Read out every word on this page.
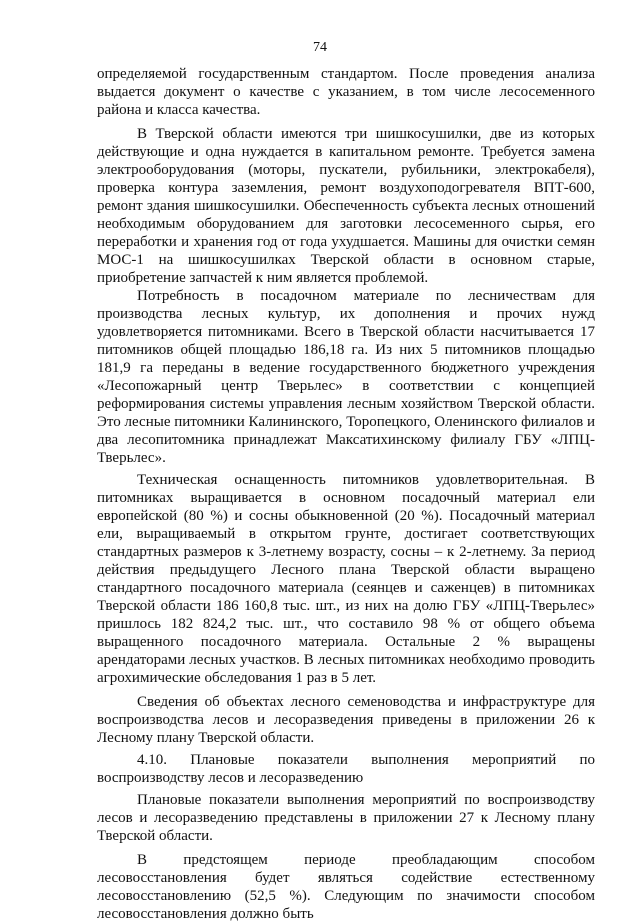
74

определяемой государственным стандартом. После проведения анализа выдается документ о качестве с указанием, в том числе лесосеменного района и класса качества.

В Тверской области имеются три шишкосушилки, две из которых действующие и одна нуждается в капитальном ремонте. Требуется замена электрооборудования (моторы, пускатели, рубильники, электрокабеля), проверка контура заземления, ремонт воздухоподогревателя ВПТ-600, ремонт здания шишкосушилки. Обеспеченность субъекта лесных отношений необходимым оборудованием для заготовки лесосеменного сырья, его переработки и хранения год от года ухудшается. Машины для очистки семян МОС-1 на шишкосушилках Тверской области в основном старые, приобретение запчастей к ним является проблемой.

Потребность в посадочном материале по лесничествам для производства лесных культур, их дополнения и прочих нужд удовлетворяется питомниками. Всего в Тверской области насчитывается 17 питомников общей площадью 186,18 га. Из них 5 питомников площадью 181,9 га переданы в ведение государственного бюджетного учреждения «Лесопожарный центр Тверьлес» в соответствии с концепцией реформирования системы управления лесным хозяйством Тверской области. Это лесные питомники Калининского, Торопецкого, Оленинского филиалов и два лесопитомника принадлежат Максатихинскому филиалу ГБУ «ЛПЦ-Тверьлес».

Техническая оснащенность питомников удовлетворительная. В питомниках выращивается в основном посадочный материал ели европейской (80 %) и сосны обыкновенной (20 %). Посадочный материал ели, выращиваемый в открытом грунте, достигает соответствующих стандартных размеров к 3-летнему возрасту, сосны – к 2-летнему. За период действия предыдущего Лесного плана Тверской области выращено стандартного посадочного материала (сеянцев и саженцев) в питомниках Тверской области 186 160,8 тыс. шт., из них на долю ГБУ «ЛПЦ-Тверьлес» пришлось 182 824,2 тыс. шт., что составило 98 % от общего объема выращенного посадочного материала. Остальные 2 % выращены арендаторами лесных участков. В лесных питомниках необходимо проводить агрохимические обследования 1 раз в 5 лет.

Сведения об объектах лесного семеноводства и инфраструктуре для воспроизводства лесов и лесоразведения приведены в приложении 26 к Лесному плану Тверской области.

4.10. Плановые показатели выполнения мероприятий по воспроизводству лесов и лесоразведению

Плановые показатели выполнения мероприятий по воспроизводству лесов и лесоразведению представлены в приложении 27 к Лесному плану Тверской области.

В предстоящем периоде преобладающим способом лесовосстановления будет являться содействие естественному лесовосстановлению (52,5 %). Следующим по значимости способом лесовосстановления должно быть
